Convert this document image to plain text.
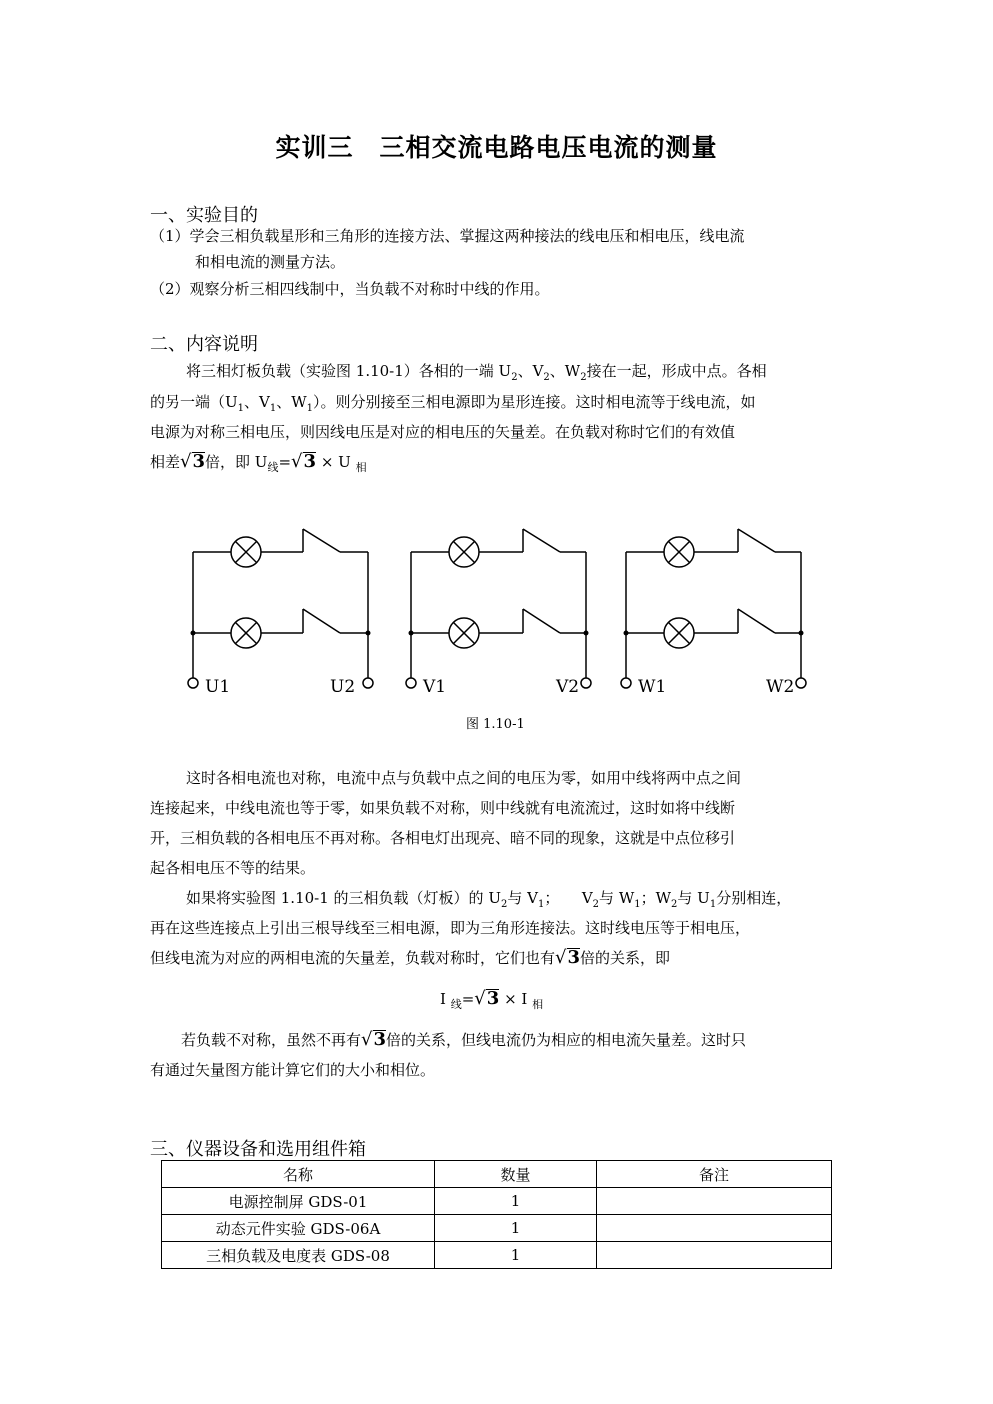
实训三　三相交流电路电压电流的测量
一、实验目的
（1）学会三相负载星形和三角形的连接方法、掌握这两种接法的线电压和相电压，线电流
和相电流的测量方法。
（2）观察分析三相四线制中，当负载不对称时中线的作用。
二、内容说明
将三相灯板负载（实验图 1.10-1）各相的一端 $U_2$、$V_2$、$W_2$接在一起，形成中点。各相
的另一端（$U_1$、$V_1$、$W_1$）。则分别接至三相电源即为星形连接。这时相电流等于线电流，如
电源为对称三相电压，则因线电压是对应的相电压的矢量差。在负载对称时它们的有效值
相差√3倍，即 $U_线=√3 \times U$ $_相$
U1	U2	V1	V2	W1	W2
图 1.10-1
这时各相电流也对称，电流中点与负载中点之间的电压为零，如用中线将两中点之间
连接起来，中线电流也等于零，如果负载不对称，则中线就有电流流过，这时如将中线断
开，三相负载的各相电压不再对称。各相电灯出现亮、暗不同的现象，这就是中点位移引
起各相电压不等的结果。
如果将实验图 1.10-1 的三相负载（灯板）的 $U_2$与 $V_1$；　　$V_2$与 $W_1$；$W_2$与 $U_1$分别相连，
再在这些连接点上引出三根导线至三相电源，即为三角形连接法。这时线电压等于相电压，
但线电流为对应的两相电流的矢量差，负载对称时，它们也有√3倍的关系，即
I $_线$=√3 × I $_相$
若负载不对称，虽然不再有√3倍的关系，但线电流仍为相应的相电流矢量差。这时只
有通过矢量图方能计算它们的大小和相位。
三、仪器设备和选用组件箱
名称	数量	备注
电源控制屏 GDS-01	1	
动态元件实验 GDS-06A	1	
三相负载及电度表 GDS-08	1	
